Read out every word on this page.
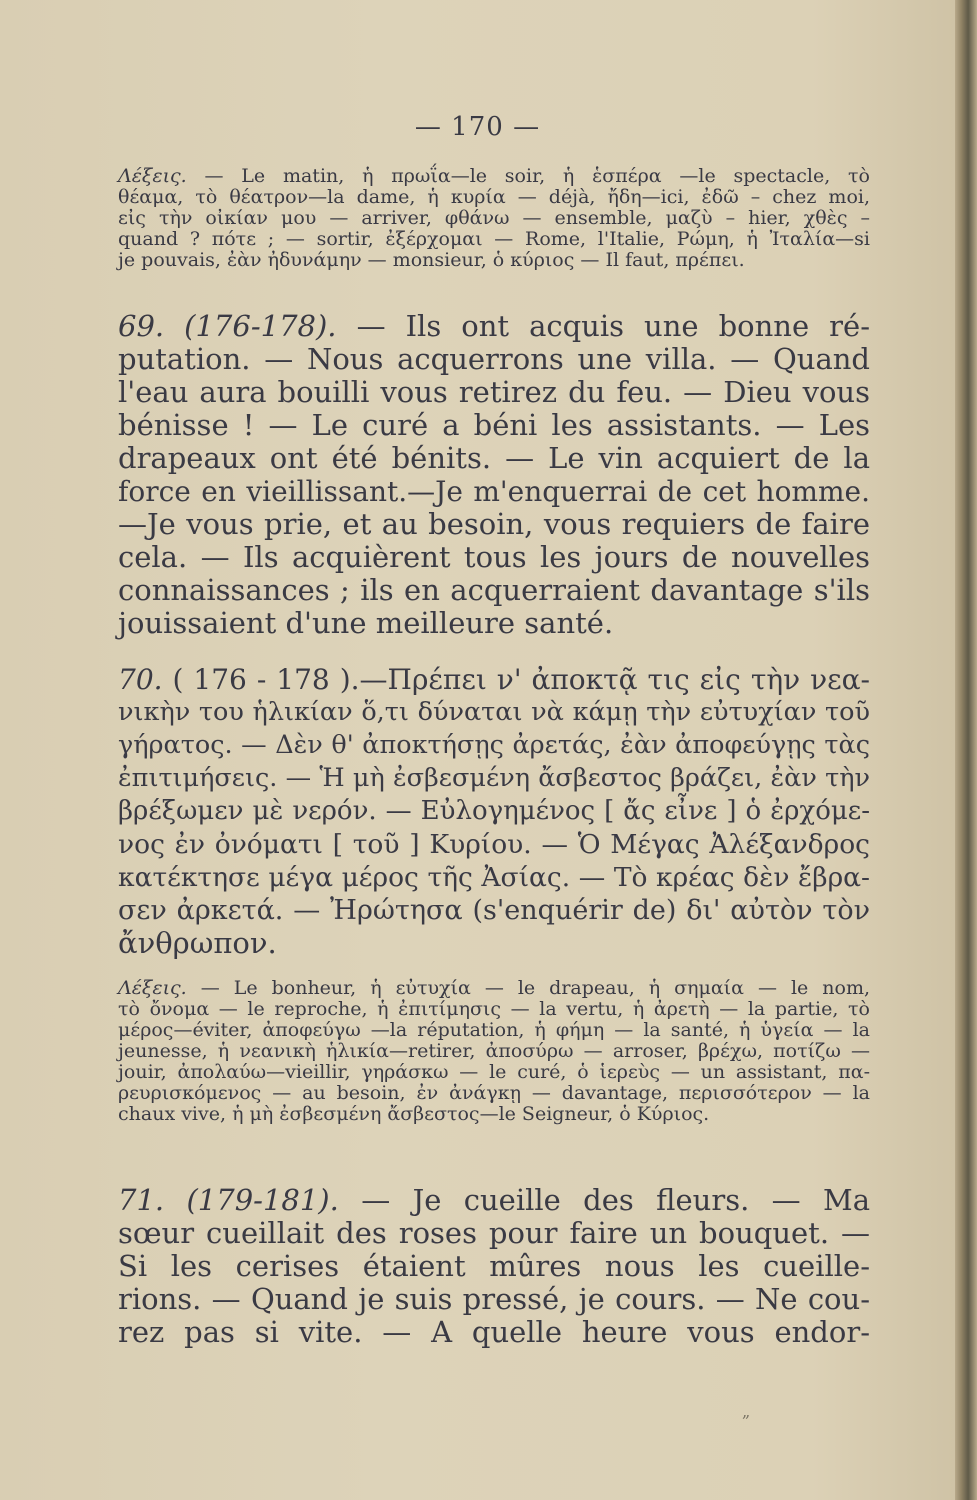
— 170 —
Λέξεις. — Le matin, ἡ πρωΐα—le soir, ἡ ἑσπέρα —le spectacle, τὸ
θέαμα, τὸ θέατρον—la dame, ἡ κυρία — déjà, ἤδη—ici, ἐδῶ – chez moi,
εἰς τὴν οἰκίαν μου — arriver, φθάνω — ensemble, μαζὺ – hier, χθὲς –
quand ? πότε ; — sortir, ἐξέρχομαι — Rome, l'Italie, Ρώμη, ἡ Ἰταλία—si
je pouvais, ἐὰν ἠδυνάμην — monsieur, ὁ κύριος — Il faut, πρέπει.
69. (176-178). — Ils ont acquis une bonne ré-
putation. — Nous acquerrons une villa. — Quand
l'eau aura bouilli vous retirez du feu. — Dieu vous
bénisse ! — Le curé a béni les assistants. — Les
drapeaux ont été bénits. — Le vin acquiert de la
force en vieillissant.—Je m'enquerrai de cet homme.
—Je vous prie, et au besoin, vous requiers de faire
cela. — Ils acquièrent tous les jours de nouvelles
connaissances ; ils en acquerraient davantage s'ils
jouissaient d'une meilleure santé.
70. ( 176 - 178 ).—Πρέπει ν' ἀποκτᾷ τις εἰς τὴν νεα-
νικὴν του ἡλικίαν ὅ,τι δύναται νὰ κάμῃ τὴν εὐτυχίαν τοῦ
γήρατος. — Δὲν θ' ἀποκτήσῃς ἀρετάς, ἐὰν ἀποφεύγῃς τὰς
ἐπιτιμήσεις. — Ἡ μὴ ἐσβεσμένη ἄσβεστος βράζει, ἐὰν τὴν
βρέξωμεν μὲ νερόν. — Εὐλογημένος [ ἄς εἶνε ] ὁ ἐρχόμε-
νος ἐν ὀνόματι [ τοῦ ] Κυρίου. — Ὁ Μέγας Ἀλέξανδρος
κατέκτησε μέγα μέρος τῆς Ἀσίας. — Τὸ κρέας δὲν ἔβρα-
σεν ἀρκετά. — Ἠρώτησα (s'enquérir de) δι' αὐτὸν τὸν
ἄνθρωπον.
Λέξεις. — Le bonheur, ἡ εὐτυχία — le drapeau, ἡ σημαία — le nom,
τὸ ὄνομα — le reproche, ἡ ἐπιτίμησις — la vertu, ἡ ἀρετὴ — la partie, τὸ
μέρος—éviter, ἀποφεύγω —la réputation, ἡ φήμη — la santé, ἡ ὑγεία — la
jeunesse, ἡ νεανικὴ ἡλικία—retirer, ἀποσύρω — arroser, βρέχω, ποτίζω —
jouir, ἀπολαύω—vieillir, γηράσκω — le curé, ὁ ἱερεὺς — un assistant, πα-
ρευρισκόμενος — au besoin, ἐν ἀνάγκῃ — davantage, περισσότερον — la
chaux vive, ἡ μὴ ἐσβεσμένη ἄσβεστος—le Seigneur, ὁ Κύριος.
71. (179-181). — Je cueille des fleurs. — Ma
sœur cueillait des roses pour faire un bouquet. —
Si les cerises étaient mûres nous les cueille-
rions. — Quand je suis pressé, je cours. — Ne cou-
rez pas si vite. — A quelle heure vous endor-
„
